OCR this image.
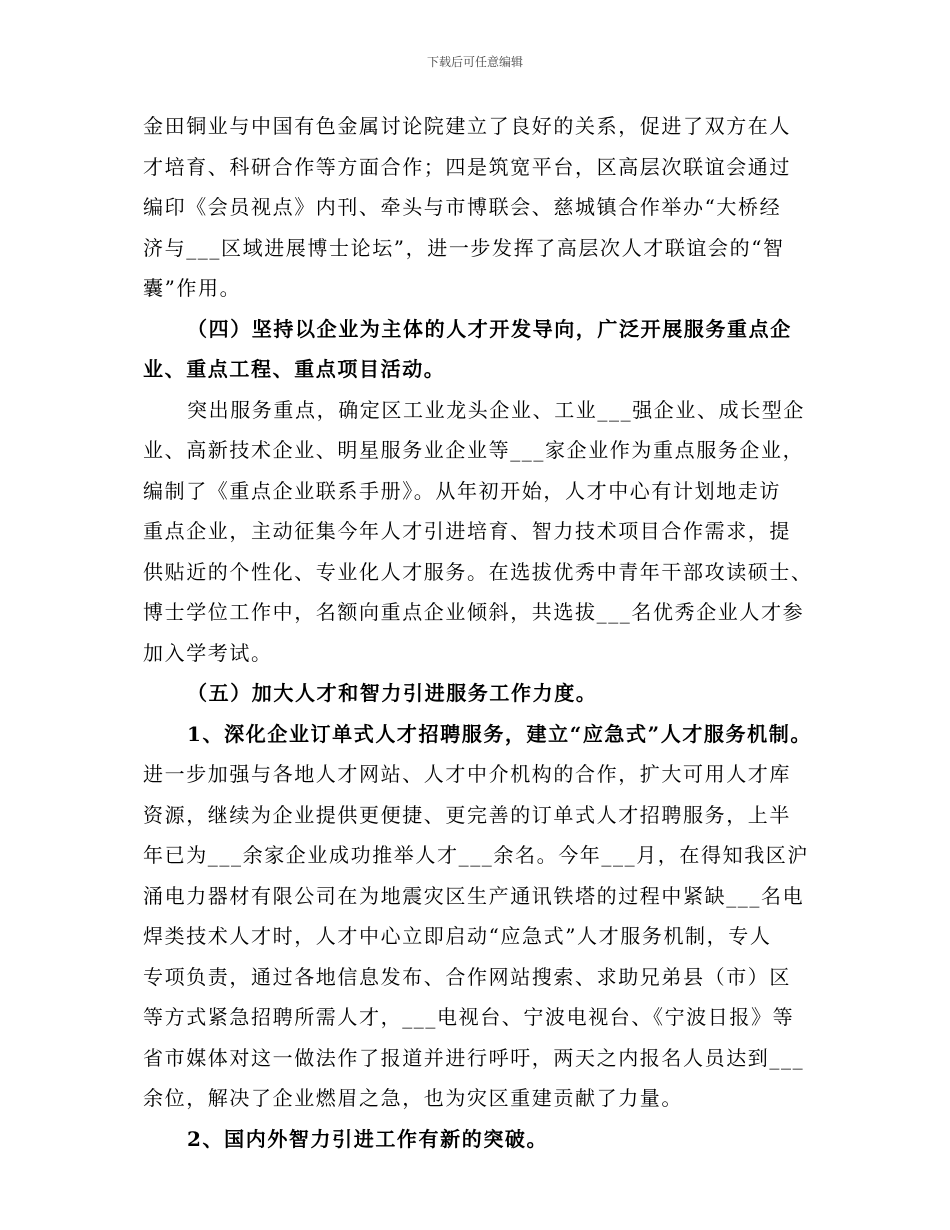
下载后可任意编辑
金田铜业与中国有色金属讨论院建立了良好的关系，促进了双方在人
才培育、科研合作等方面合作；四是筑宽平台，区高层次联谊会通过
编印《会员视点》内刊、牵头与市博联会、慈城镇合作举办“大桥经
济与___区域进展博士论坛”，进一步发挥了高层次人才联谊会的“智
囊”作用。
（四）坚持以企业为主体的人才开发导向，广泛开展服务重点企
业、重点工程、重点项目活动。
突出服务重点，确定区工业龙头企业、工业___强企业、成长型企
业、高新技术企业、明星服务业企业等___家企业作为重点服务企业，
编制了《重点企业联系手册》。从年初开始，人才中心有计划地走访
重点企业，主动征集今年人才引进培育、智力技术项目合作需求，提
供贴近的个性化、专业化人才服务。在选拔优秀中青年干部攻读硕士、
博士学位工作中，名额向重点企业倾斜，共选拔___名优秀企业人才参
加入学考试。
（五）加大人才和智力引进服务工作力度。
1、深化企业订单式人才招聘服务，建立“应急式”人才服务机制。
进一步加强与各地人才网站、人才中介机构的合作，扩大可用人才库
资源，继续为企业提供更便捷、更完善的订单式人才招聘服务，上半
年已为___余家企业成功推举人才___余名。今年___月，在得知我区沪
涌电力器材有限公司在为地震灾区生产通讯铁塔的过程中紧缺___名电
焊类技术人才时，人才中心立即启动“应急式”人才服务机制，专人
专项负责，通过各地信息发布、合作网站搜索、求助兄弟县（市）区
等方式紧急招聘所需人才，___电视台、宁波电视台、《宁波日报》等
省市媒体对这一做法作了报道并进行呼吁，两天之内报名人员达到___
余位，解决了企业燃眉之急，也为灾区重建贡献了力量。
2、国内外智力引进工作有新的突破。
